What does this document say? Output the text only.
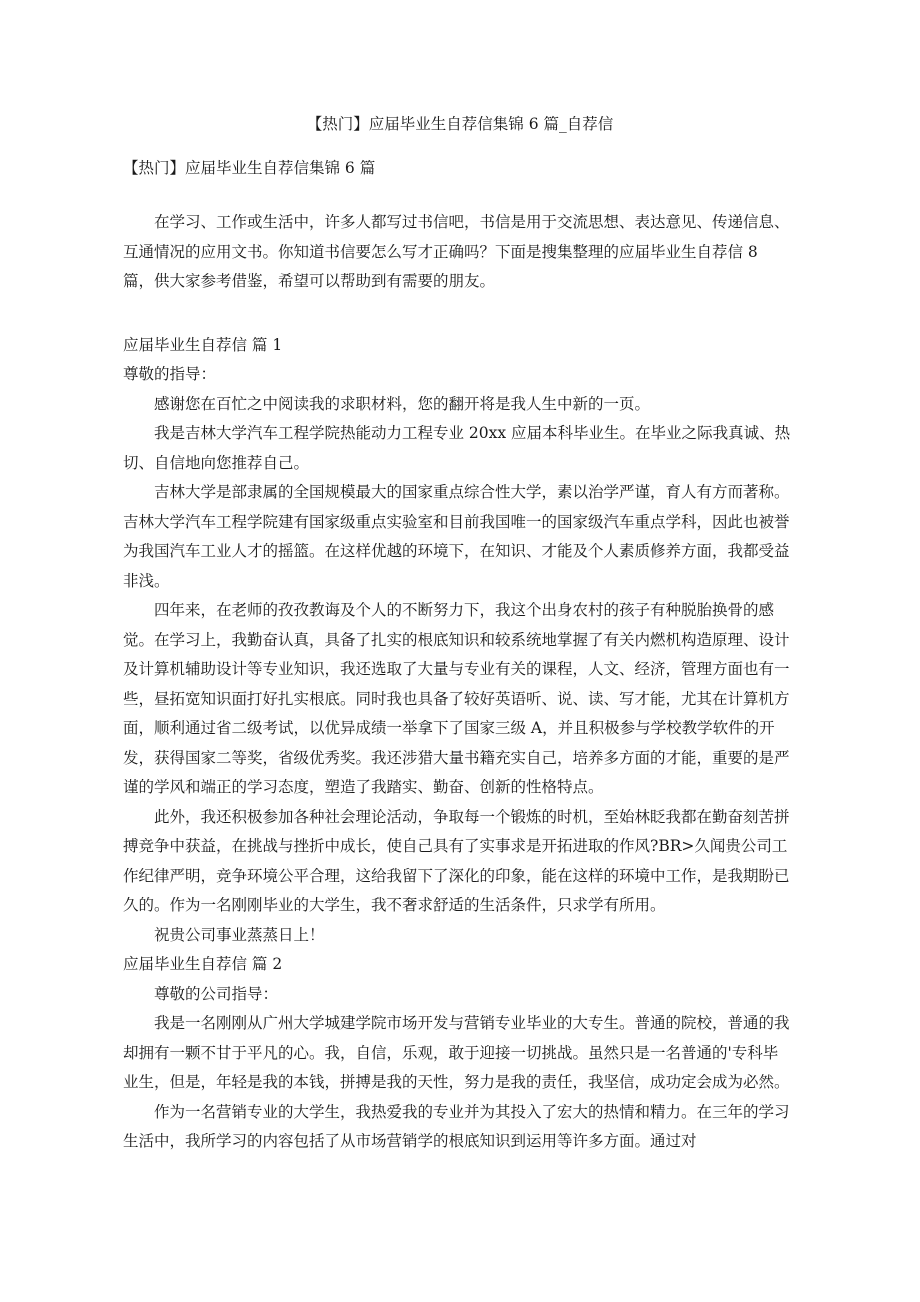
【热门】应届毕业生自荐信集锦 6 篇_自荐信
【热门】应届毕业生自荐信集锦 6 篇

在学习、工作或生活中，许多人都写过书信吧，书信是用于交流思想、表达意见、传递信息、互通情况的应用文书。你知道书信要怎么写才正确吗？下面是搜集整理的应届毕业生自荐信 8 篇，供大家参考借鉴，希望可以帮助到有需要的朋友。

应届毕业生自荐信 篇 1

尊敬的指导：

感谢您在百忙之中阅读我的求职材料，您的翻开将是我人生中新的一页。

我是吉林大学汽车工程学院热能动力工程专业 20xx 应届本科毕业生。在毕业之际我真诚、热切、自信地向您推荐自己。

吉林大学是部隶属的全国规模最大的国家重点综合性大学，素以治学严谨，育人有方而著称。吉林大学汽车工程学院建有国家级重点实验室和目前我国唯一的国家级汽车重点学科，因此也被誉为我国汽车工业人才的摇篮。在这样优越的环境下，在知识、才能及个人素质修养方面，我都受益非浅。

四年来，在老师的孜孜教诲及个人的不断努力下，我这个出身农村的孩子有种脱胎换骨的感觉。在学习上，我勤奋认真，具备了扎实的根底知识和较系统地掌握了有关内燃机构造原理、设计及计算机辅助设计等专业知识，我还选取了大量与专业有关的课程，人文、经济，管理方面也有一些，昼拓宽知识面打好扎实根底。同时我也具备了较好英语听、说、读、写才能，尤其在计算机方面，顺利通过省二级考试，以优异成绩一举拿下了国家三级 A，并且积极参与学校教学软件的开发，获得国家二等奖，省级优秀奖。我还涉猎大量书籍充实自己，培养多方面的才能，重要的是严谨的学风和端正的学习态度，塑造了我踏实、勤奋、创新的性格特点。

此外，我还积极参加各种社会理论活动，争取每一个锻炼的时机，至始林眨我都在勤奋刻苦拼搏竞争中获益，在挑战与挫折中成长，使自己具有了实事求是开拓进取的作风?BR>久闻贵公司工作纪律严明，竞争环境公平合理，这给我留下了深化的印象，能在这样的环境中工作，是我期盼已久的。作为一名刚刚毕业的大学生，我不奢求舒适的生活条件，只求学有所用。

祝贵公司事业蒸蒸日上！

应届毕业生自荐信 篇 2

尊敬的公司指导：

我是一名刚刚从广州大学城建学院市场开发与营销专业毕业的大专生。普通的院校，普通的我却拥有一颗不甘于平凡的心。我，自信，乐观，敢于迎接一切挑战。虽然只是一名普通的'专科毕业生，但是，年轻是我的本钱，拼搏是我的天性，努力是我的责任，我坚信，成功定会成为必然。

作为一名营销专业的大学生，我热爱我的专业并为其投入了宏大的热情和精力。在三年的学习生活中，我所学习的内容包括了从市场营销学的根底知识到运用等许多方面。通过对
